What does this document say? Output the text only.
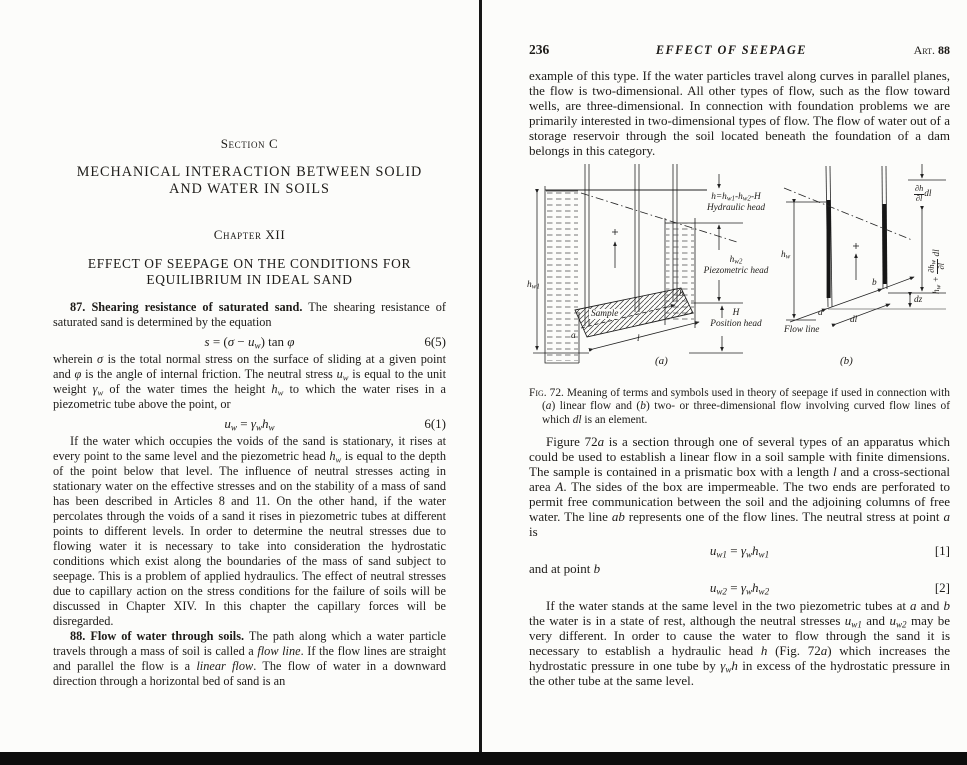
Section C
MECHANICAL INTERACTION BETWEEN SOLID
AND WATER IN SOILS
Chapter XII
EFFECT OF SEEPAGE ON THE CONDITIONS FOR
EQUILIBRIUM IN IDEAL SAND

87. Shearing resistance of saturated sand. The shearing resistance of saturated sand is determined by the equation

$s = (\sigma - u_w)$ tan φ	6(5)

wherein σ is the total normal stress on the surface of sliding at a given point and φ is the angle of internal friction. The neutral stress $u_w$ is equal to the unit weight $\gamma_w$ of the water times the height $h_w$ to which the water rises in a piezometric tube above the point, or

$u_w = \gamma_wh_w$	6(1)

If the water which occupies the voids of the sand is stationary, it rises at every point to the same level and the piezometric head $h_w$ is equal to the depth of the point below that level. The influence of neutral stresses acting in stationary water on the effective stresses and on the stability of a mass of sand has been described in Articles 8 and 11. On the other hand, if the water percolates through the voids of a sand it rises in piezometric tubes at different points to different levels. In order to determine the neutral stresses due to flowing water it is necessary to take into consideration the hydrostatic conditions which exist along the boundaries of the mass of sand subject to seepage. This is a problem of applied hydraulics. The effect of neutral stresses due to capillary action on the stress conditions for the failure of soils will be discussed in Chapter XIV. In this chapter the capillary forces will be disregarded.

88. Flow of water through soils. The path along which a water particle travels through a mass of soil is called a flow line. If the flow lines are straight and parallel the flow is a linear flow. The flow of water in a downward direction through a horizontal bed of sand is an

236	EFFECT OF SEEPAGE	Art. 88

example of this type. If the water particles travel along curves in parallel planes, the flow is two-dimensional. All other types of flow, such as the flow toward wells, are three-dimensional. In connection with foundation problems we are primarily interested in two-dimensional types of flow. The flow of water out of a storage reservoir through the soil located beneath the foundation of a dam belongs in this category.

$h_{w1}$
$h=h_{w1}-h_{w2}-H$
Hydraulic head
$h_{w2}$
Piezometric head
H
Position head
Sample
a
b
l
(a)
$h_w$
$\frac{\partial h}{\partial l}$ dl
$h_w$ +
$\partial h_w$
∂l
dl
dz
Flow line
dl
a
b
(b)
Fig. 72. Meaning of terms and symbols used in theory of seepage if used in connection with (a) linear flow and (b) two- or three-dimensional flow involving curved flow lines of which dl is an element.

Figure 72a is a section through one of several types of an apparatus which could be used to establish a linear flow in a soil sample with finite dimensions. The sample is contained in a prismatic box with a length l and a cross-sectional area A. The sides of the box are impermeable. The two ends are perforated to permit free communication between the soil and the adjoining columns of free water. The line ab represents one of the flow lines. The neutral stress at point a is

$u_{w1} = \gamma_wh_{w1}$	[1]

and at point b

$u_{w2} = \gamma_wh_{w2}$	[2]

If the water stands at the same level in the two piezometric tubes at a and b the water is in a state of rest, although the neutral stresses $u_{w1}$ and $u_{w2}$ may be very different. In order to cause the water to flow through the sand it is necessary to establish a hydraulic head h (Fig. 72a) which increases the hydrostatic pressure in one tube by $\gamma_wh$ in excess of the hydrostatic pressure in the other tube at the same level.
